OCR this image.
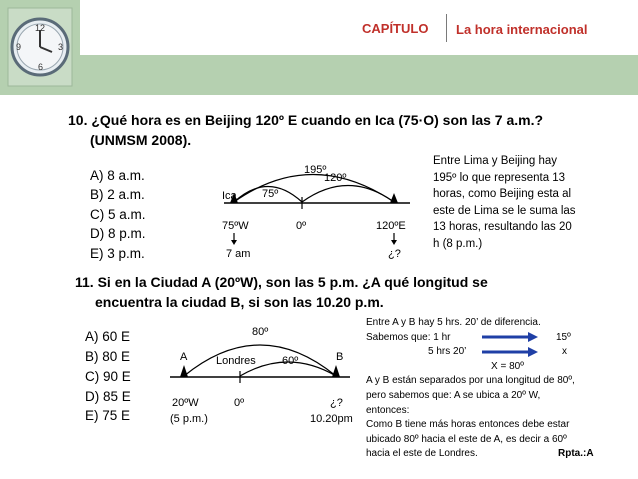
12
3
6
9
CAPÍTULO La hora internacional
10. ¿Qué hora es en Beijing 120º E cuando en Ica (75·O) son las 7 a.m.?
(UNMSM 2008).
A) 8 a.m.
B) 2 a.m.
C) 5 a.m.
D) 8 p.m.
E) 3 p.m.
195º
120º
75º
Ica
75ºW	0º	120ºE
7 am	¿?
Entre Lima y Beijing hay
195º lo que representa 13
horas, como Beijing esta al
este de Lima se le suma las
13 horas, resultando las 20
h (8 p.m.)
11. Si en la Ciudad A (20ºW), son las 5 p.m. ¿A qué longitud se
encuentra la ciudad B, si son las 10.20 p.m.
A) 60 E
B) 80 E
C) 90 E
D) 85 E
E) 75 E
80º
A	B
Londres 60º
20ºW	0º	¿?
(5 p.m.)	10.20pm
Entre A y B hay 5 hrs. 20’ de diferencia.
Sabemos que: 1 hr	15º
5 hrs 20’	x
X = 80º
A y B están separados por una longitud de 80º,
pero sabemos que: A se ubica a 20º W,
entonces:
Como B tiene más horas entonces debe estar
ubicado 80º hacia el este de A, es decir a 60º
hacia el este de Londres.	Rpta.:A
